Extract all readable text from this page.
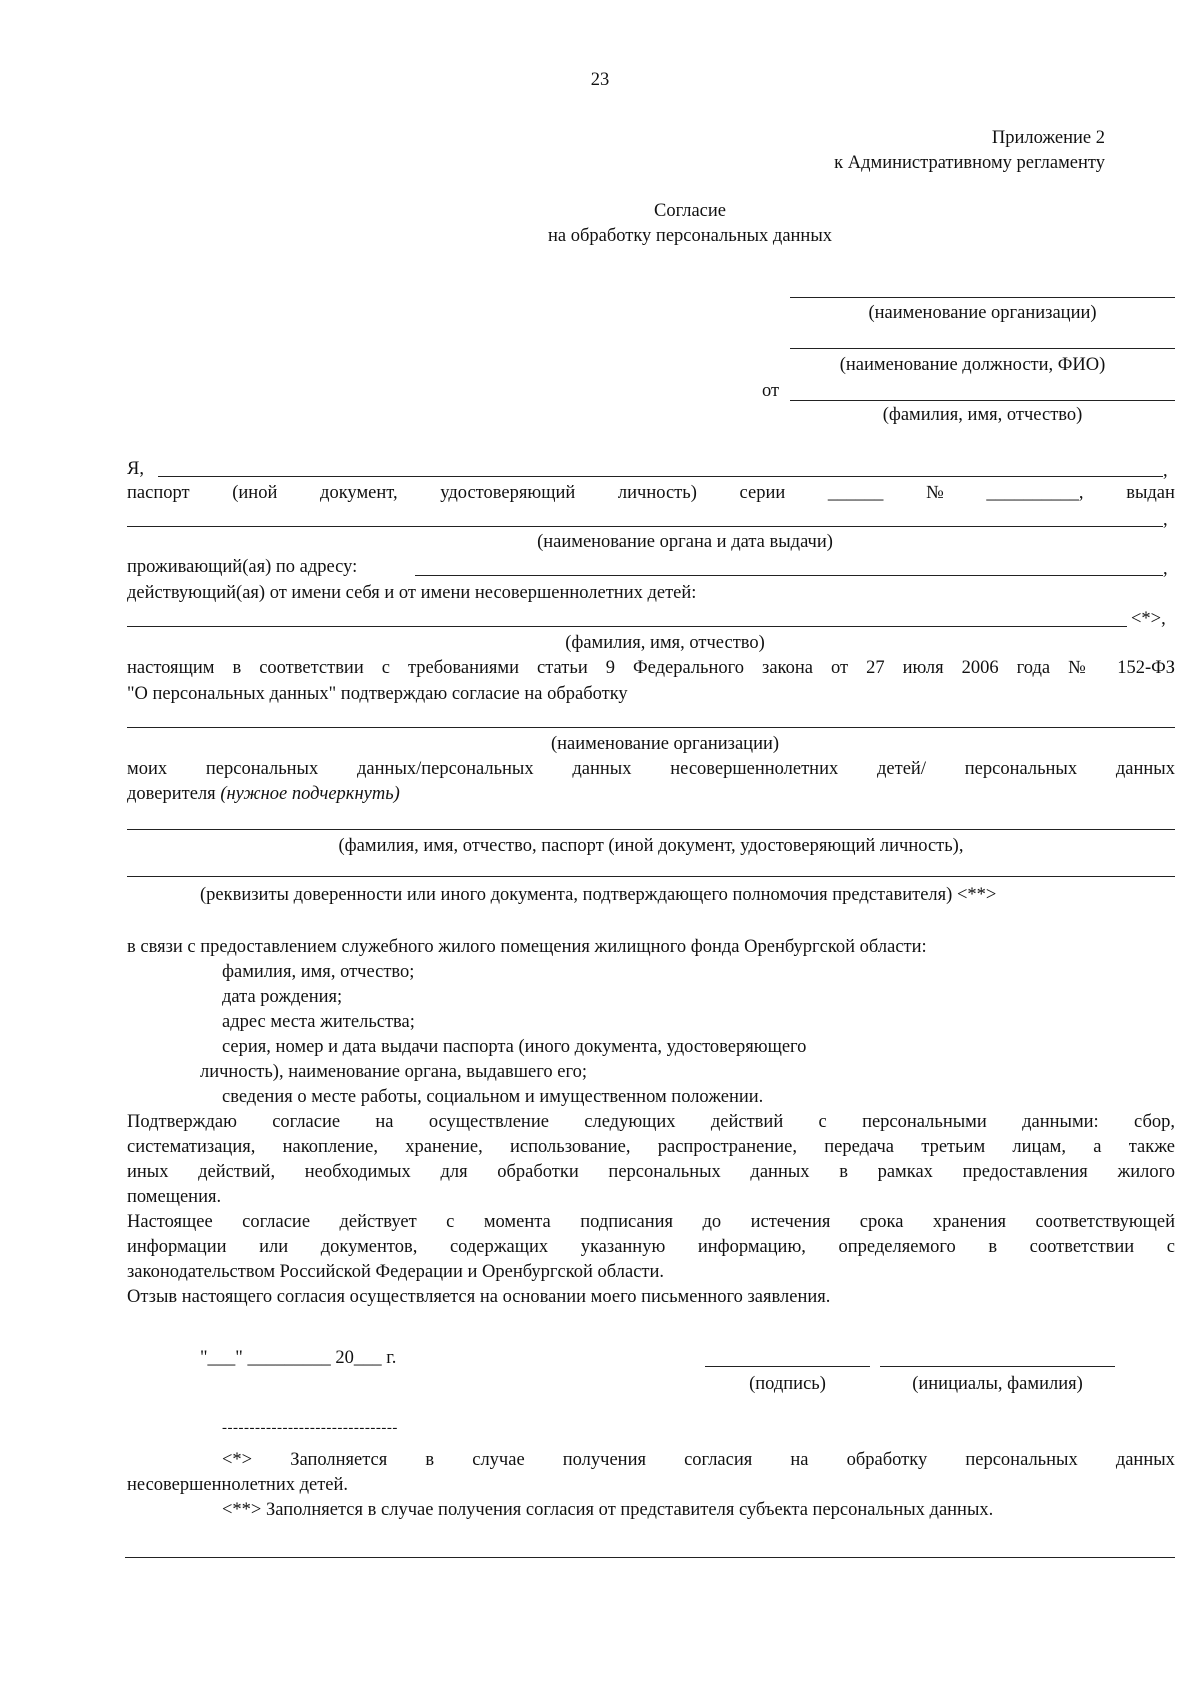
23
Приложение 2
к Административному регламенту
Согласие
на обработку персональных данных
(наименование организации)
(наименование должности, ФИО)
от
(фамилия, имя, отчество)
Я,	,
паспорт (иной документ, удостоверяющий личность) серии ______ № __________, выдан
,
(наименование органа и дата выдачи)
проживающий(ая) по адресу:	,
действующий(ая) от имени себя и от имени несовершеннолетних детей:
<*>,
(фамилия, имя, отчество)
настоящим в соответствии с требованиями статьи 9 Федерального закона от 27 июля 2006 года № 152-ФЗ
"О персональных данных" подтверждаю согласие на обработку
(наименование организации)
моих персональных данных/персональных данных несовершеннолетних детей/ персональных данных
доверителя (нужное подчеркнуть)
(фамилия, имя, отчество, паспорт (иной документ, удостоверяющий личность),
(реквизиты доверенности или иного документа, подтверждающего полномочия представителя) <**>
в связи с предоставлением служебного жилого помещения жилищного фонда Оренбургской области:
фамилия, имя, отчество;
дата рождения;
адрес места жительства;
серия, номер и дата выдачи паспорта (иного документа, удостоверяющего
личность), наименование органа, выдавшего его;
сведения о месте работы, социальном и имущественном положении.
Подтверждаю согласие на осуществление следующих действий с персональными данными: сбор,
систематизация, накопление, хранение, использование, распространение, передача третьим лицам, а также
иных действий, необходимых для обработки персональных данных в рамках предоставления жилого
помещения.
Настоящее согласие действует с момента подписания до истечения срока хранения соответствующей
информации или документов, содержащих указанную информацию, определяемого в соответствии с
законодательством Российской Федерации и Оренбургской области.
Отзыв настоящего согласия осуществляется на основании моего письменного заявления.
"___" _________ 20___ г.
(подпись)	(инициалы, фамилия)
--------------------------------
<*> Заполняется в случае получения согласия на обработку персональных данных
несовершеннолетних детей.
<**> Заполняется в случае получения согласия от представителя субъекта персональных данных.
